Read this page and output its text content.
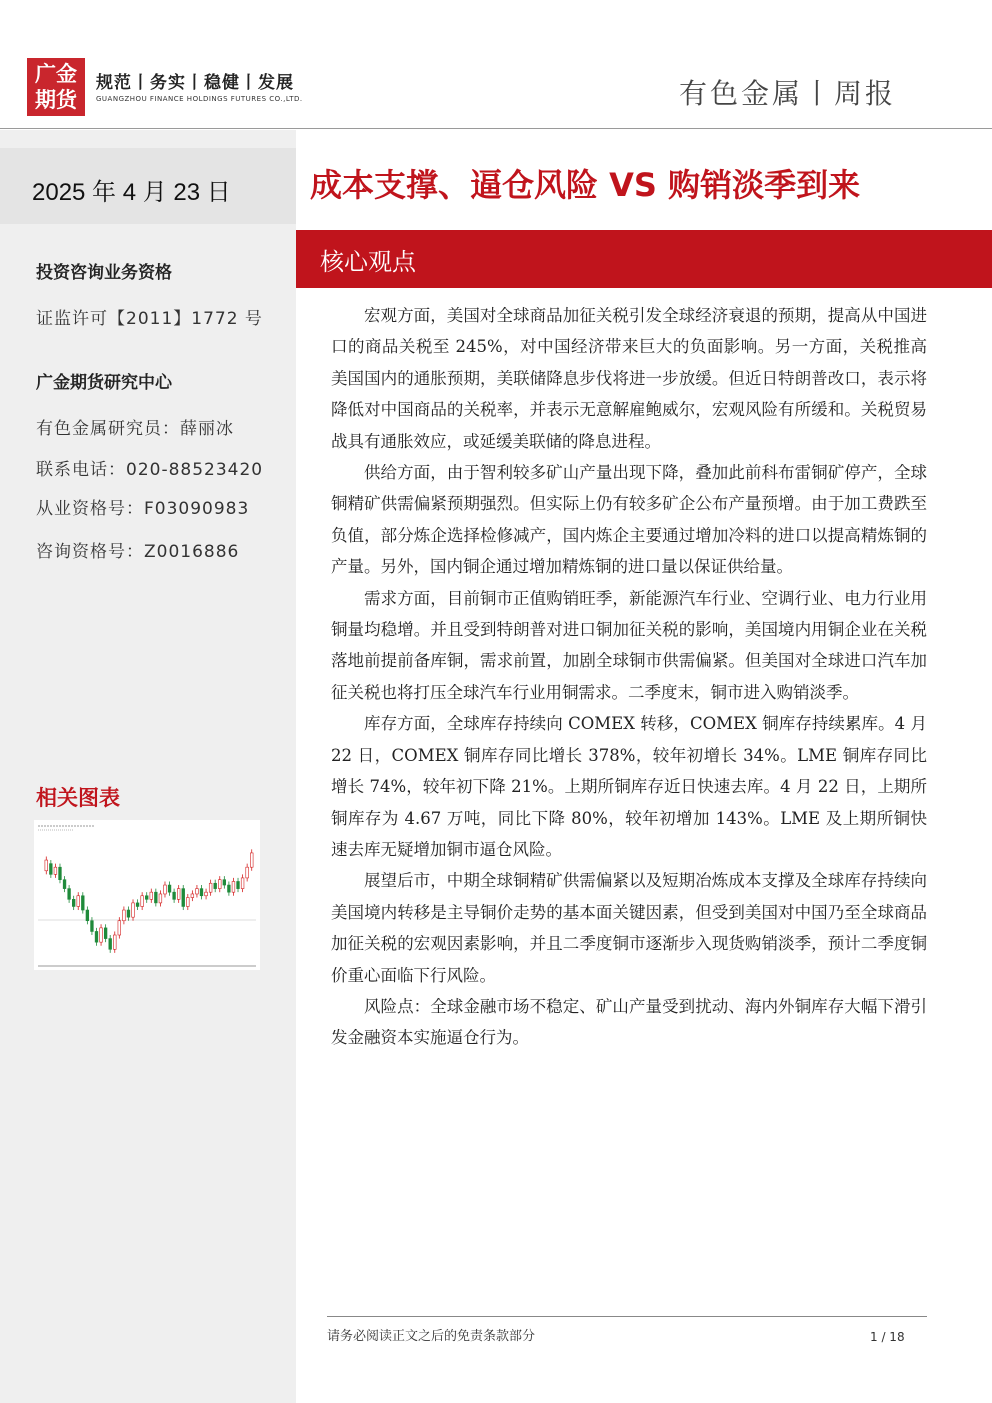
广金
期货
规范丨务实丨稳健丨发展
GUANGZHOU FINANCE HOLDINGS FUTURES CO.,LTD.	有色金属丨周报
2025 年 4 月 23 日 成本支撑、逼仓风险 VS 购销淡季到来
投资咨询业务资格
证监许可【2011】1772 号
广金期货研究中心
有色金属研究员：薛丽冰
联系电话：020-88523420
从业资格号：F03090983
咨询资格号：Z0016886
相关图表
核心观点

宏观方面，美国对全球商品加征关税引发全球经济衰退的预期，提高从中国进口的商品关税至 245%，对中国经济带来巨大的负面影响。另一方面，关税推高美国国内的通胀预期，美联储降息步伐将进一步放缓。但近日特朗普改口，表示将降低对中国商品的关税率，并表示无意解雇鲍威尔，宏观风险有所缓和。关税贸易战具有通胀效应，或延缓美联储的降息进程。

供给方面，由于智利较多矿山产量出现下降，叠加此前科布雷铜矿停产，全球铜精矿供需偏紧预期强烈。但实际上仍有较多矿企公布产量预增。由于加工费跌至负值，部分炼企选择检修减产，国内炼企主要通过增加冷料的进口以提高精炼铜的产量。另外，国内铜企通过增加精炼铜的进口量以保证供给量。

需求方面，目前铜市正值购销旺季，新能源汽车行业、空调行业、电力行业用铜量均稳增。并且受到特朗普对进口铜加征关税的影响，美国境内用铜企业在关税落地前提前备库铜，需求前置，加剧全球铜市供需偏紧。但美国对全球进口汽车加征关税也将打压全球汽车行业用铜需求。二季度末，铜市进入购销淡季。

库存方面，全球库存持续向 COMEX 转移，COMEX 铜库存持续累库。4 月 22 日，COMEX 铜库存同比增长 378%，较年初增长 34%。LME 铜库存同比增长 74%，较年初下降 21%。上期所铜库存近日快速去库。4 月 22 日，上期所铜库存为 4.67 万吨，同比下降 80%，较年初增加 143%。LME 及上期所铜快速去库无疑增加铜市逼仓风险。

展望后市，中期全球铜精矿供需偏紧以及短期冶炼成本支撑及全球库存持续向美国境内转移是主导铜价走势的基本面关键因素，但受到美国对中国乃至全球商品加征关税的宏观因素影响，并且二季度铜市逐渐步入现货购销淡季，预计二季度铜价重心面临下行风险。

风险点：全球金融市场不稳定、矿山产量受到扰动、海内外铜库存大幅下滑引发金融资本实施逼仓行为。

请务必阅读正文之后的免责条款部分	1 / 18
